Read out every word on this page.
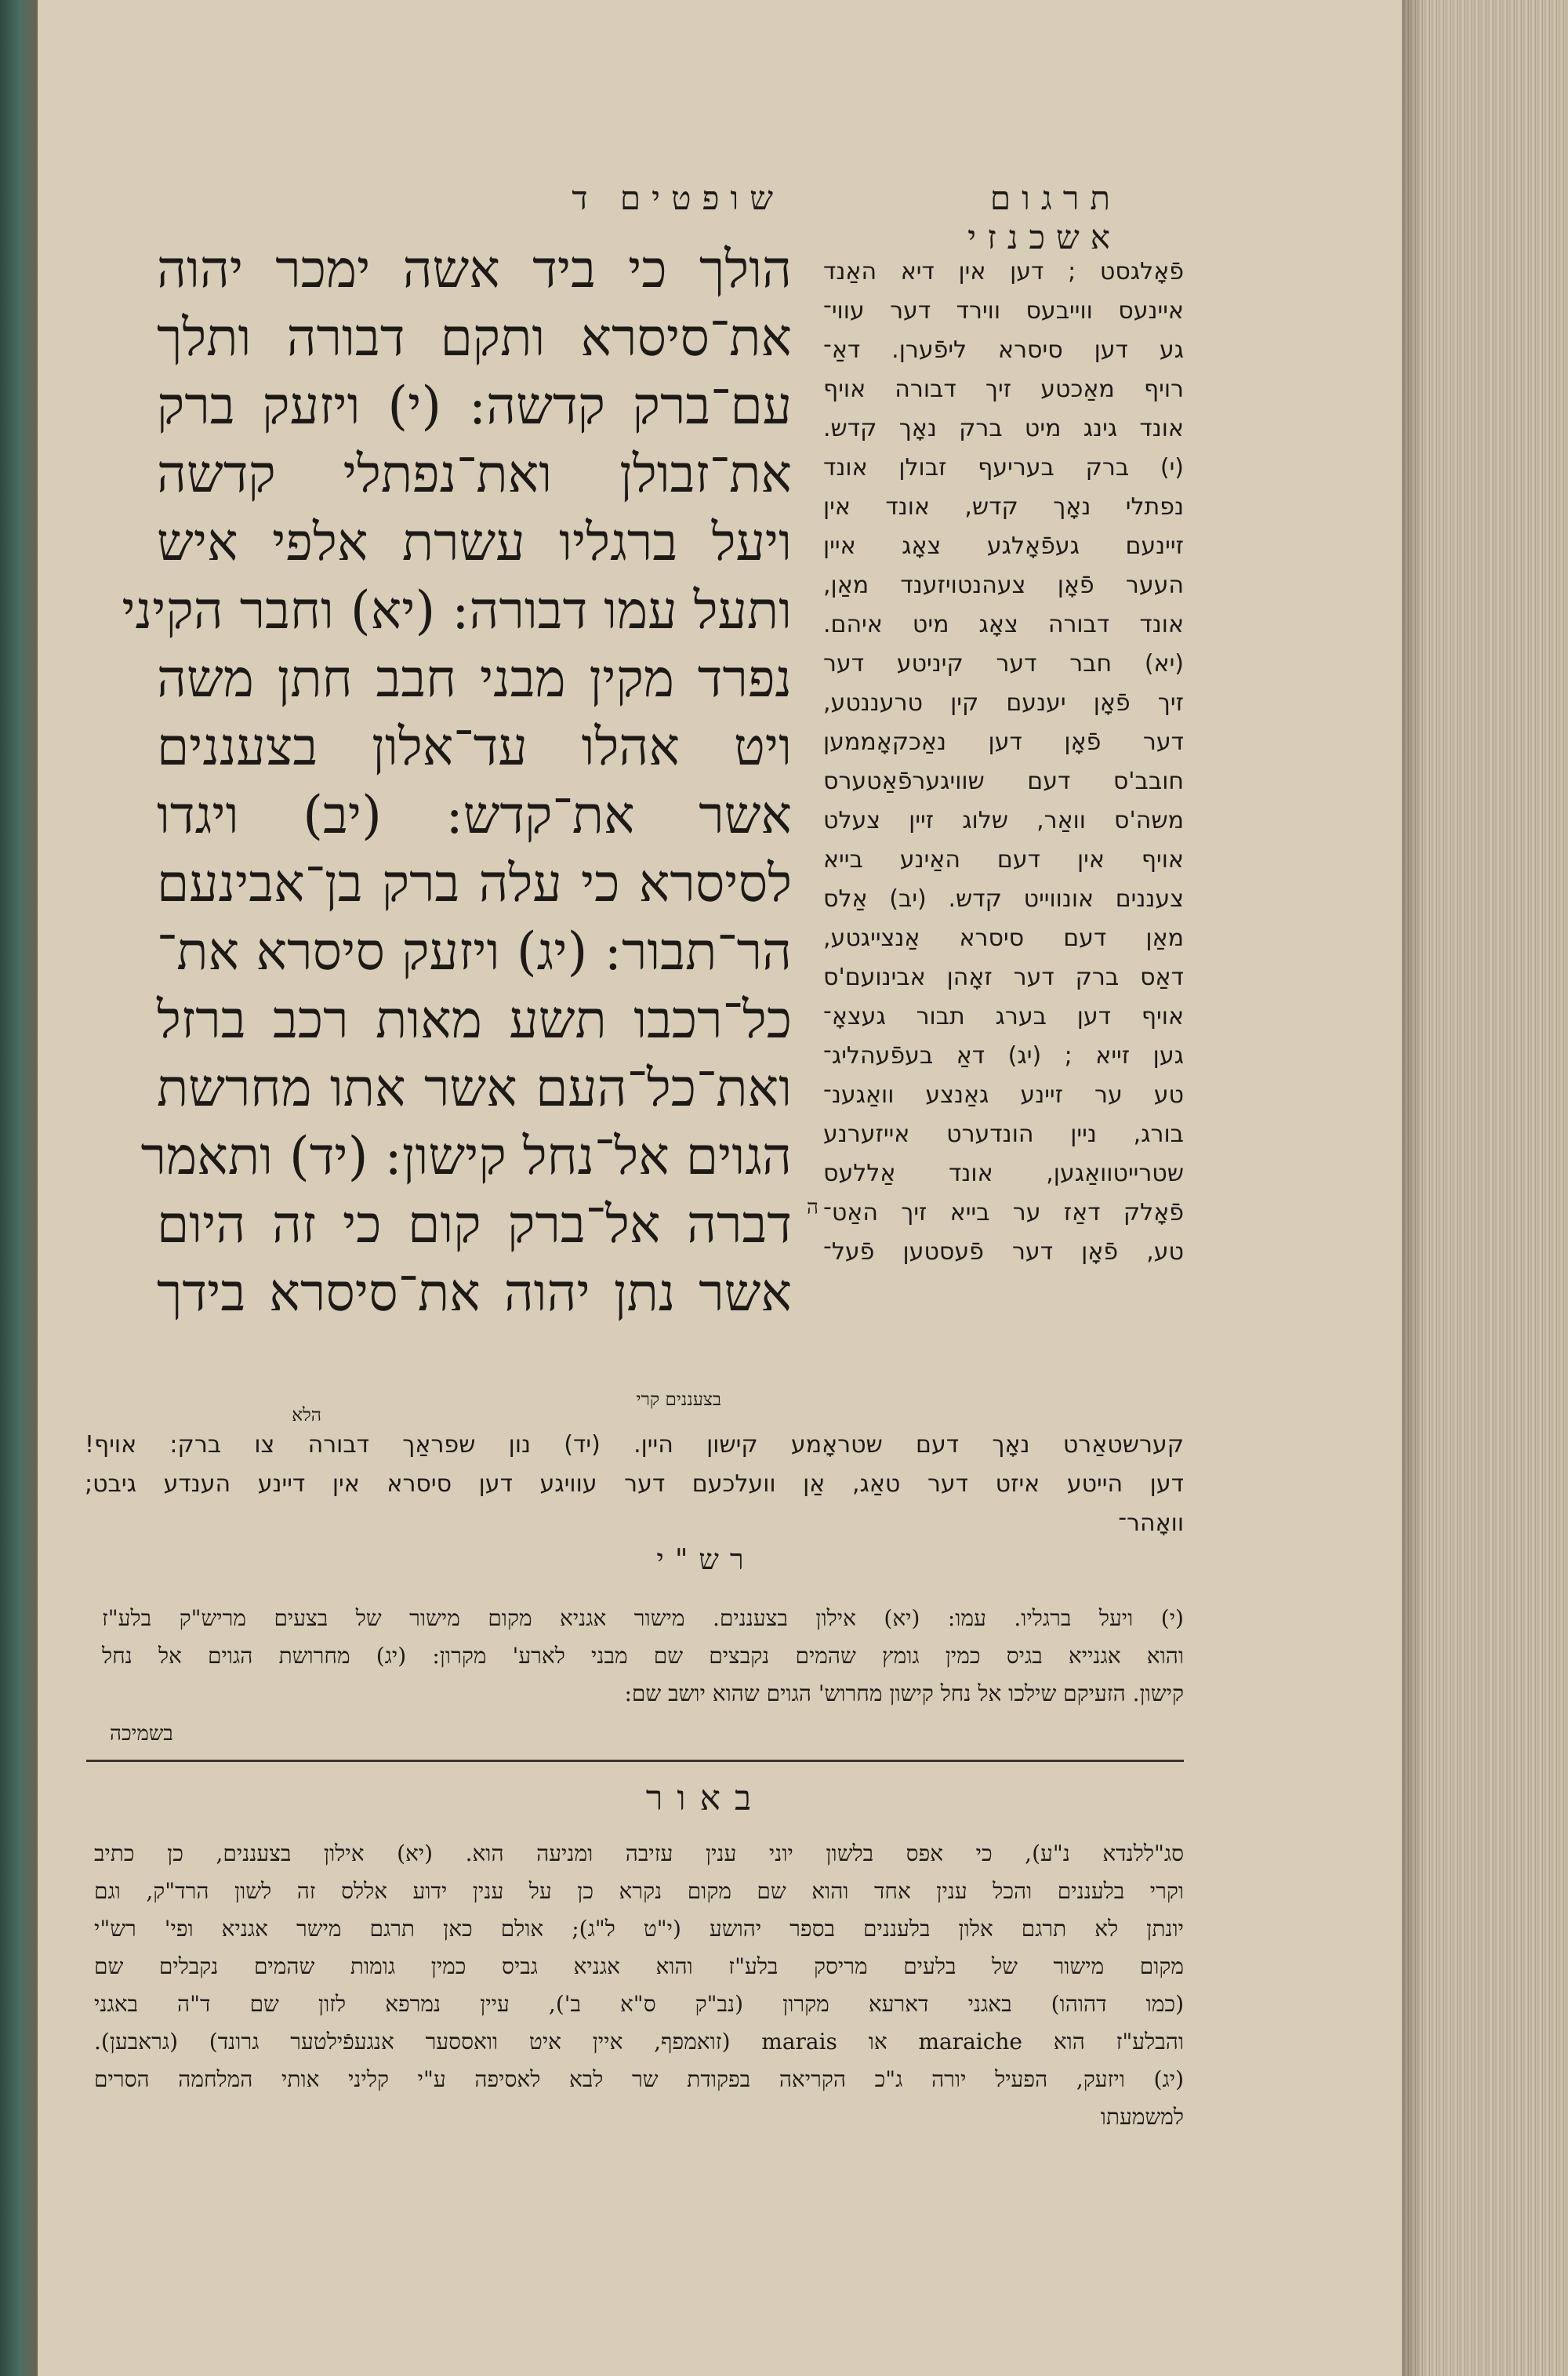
שופטים ד	תרגום אשכנזי
הולך כי ביד אשה ימכר יהוה
את־סיסרא ותקם דבורה ותלך
עם־ברק קדשה: (י) ויזעק ברק
את־זבולן ואת־נפתלי קדשה
ויעל ברגליו עשרת אלפי איש
ותעל עמו דבורה: (יא) וחבר הקיני
נפרד מקין מבני חבב חתן משה
ויט אהלו עד־אלון בצעננים
אשר את־קדש: (יב) ויגדו
לסיסרא כי עלה ברק בן־אבינעם
הר־תבור: (יג) ויזעק סיסרא את־
כל־רכבו תשע מאות רכב ברזל
ואת־כל־העם אשר אתו מחרשת
הגוים אל־נחל קישון: (יד) ותאמר
דברה אל־ברק קום כי זה היום
אשר נתן יהוה את־סיסרא בידך
ה
בצעננים קרי
הלא
פֿאָלגסט ; דען אין דיא האַנד
איינעס ווייבעס ווירד דער עווי־
גע דען סיסרא ליפֿערן. דאַ־
רויף מאַכטע זיך דבורה אויף
אונד גינג מיט ברק נאָך קדש.
(י) ברק בעריעף זבולן אונד
נפתלי נאָך קדש, אונד אין
זיינעם געפֿאָלגע צאָג איין
העער פֿאָן צעהנטויזענד מאַן,
אונד דבורה צאָג מיט איהם.
(יא) חבר דער קיניטע דער
זיך פֿאָן יענעם קין טרעננטע,
דער פֿאָן דען נאַכקאָממען
חובב'ס דעם שוויגערפֿאַטערס
משה'ס וואַר, שלוג זיין צעלט
אויף אין דעם האַינע בייא
צעננים אונווייט קדש. (יב) אַלס
מאַן דעם סיסרא אַנצייגטע,
דאַס ברק דער זאָהן אבינועם'ס
אויף דען בערג תבור געצאָ־
גען זייא ; (יג) דאַ בעפֿעהליג־
טע ער זיינע גאַנצע וואַגענ־
בורג, ניין הונדערט אייזערנע
שטרייטוואַגען, אונד אַללעס
פֿאָלק דאַז ער בייא זיך האַט־
טע, פֿאָן דער פֿעסטען פֿעל־
קערשטאַרט נאָך דעם שטראָמע קישון היין. (יד) נון שפראַך דבורה צו ברק: אויף!
דען הייטע איזט דער טאַג, אַן וועלכעם דער עוויגע דען סיסרא אין דיינע הענדע גיבט;
וואָהר־
רש"י
(י) ויעל ברגליו. עמו: (יא) אילון בצעננים. מישור אגניא מקום מישור של בצעים מריש"ק בלע"ז
והוא אגנייא בגיס כמין גומץ שהמים נקבצים שם מבני לארע' מקרון: (יג) מחרושת הגוים אל נחל
קישון. הזעיקם שילכו אל נחל קישון מחרוש' הגוים שהוא יושב שם:
בשמיכה
באור
סג"ללנדא נ"ע), כי אפס בלשון יוני ענין עזיבה ומניעה הוא. (יא) אילון בצעננים, כן כתיב
וקרי בלעננים והכל ענין אחד והוא שם מקום נקרא כן על ענין ידוע אללס זה לשון הרד"ק, וגם
יונתן לא תרגם אלון בלעננים בספר יהושע (י"ט ל"ג); אולם כאן תרגם מישר אגניא ופי' רש"י
מקום מישור של בלעים מריסק בלע"ז והוא אגניא גביס כמין גומות שהמים נקבלים שם
(כמו דהוהו) באגני דארעא מקרון (נב"ק ס"א ב'), עיין נמרפא לזון שם ד"ה באגני
והבלע"ז הוא maraiche או marais (זואמפף, איין איט וואססער אנגעפֿילטער גרונד) (גראבען).
(יג) ויזעק, הפעיל יורה ג"כ הקריאה בפקודת שר לבא לאסיפה ע"י קליני אותי המלחמה הסרים
למשמעתו
